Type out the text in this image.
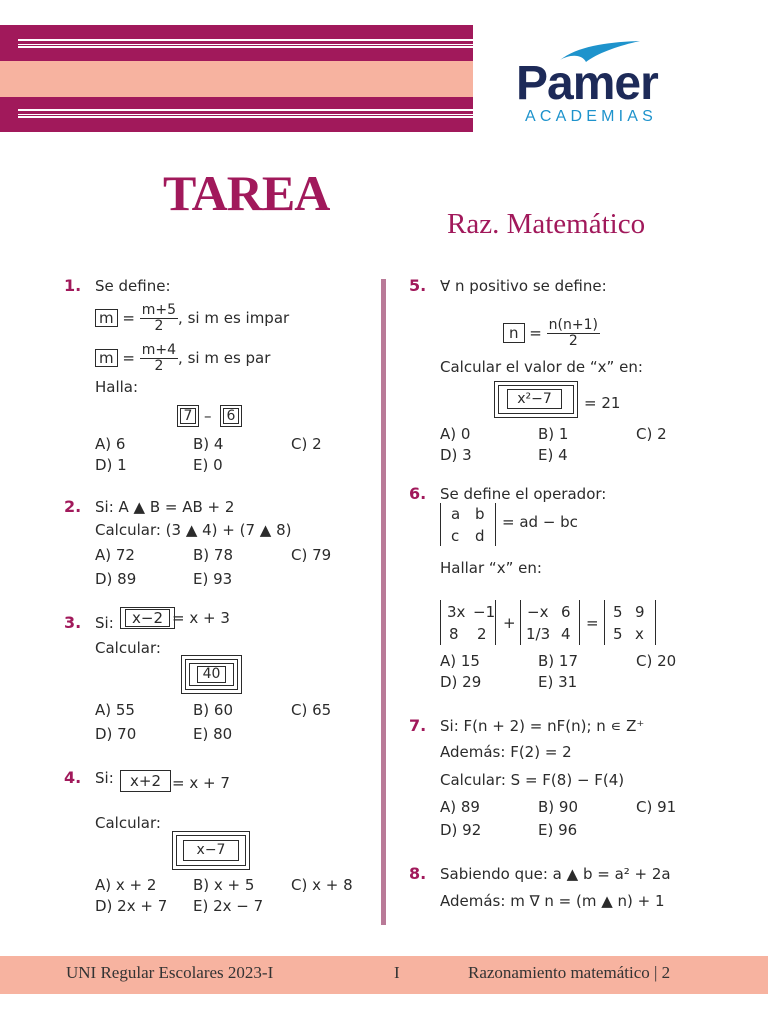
Pamer
ACADEMIAS
TAREA
Raz. Matemático
1. Se define:
$m = \frac{m+5}{2}$ , si m es impar
$m = \frac{m+4}{2}$ , si m es par
Halla:
7 – 6
A) 6	B) 4	C) 2
D) 1	E) 0
2. Si: A ▲ B = AB + 2
Calcular: (3 ▲ 4) + (7 ▲ 8)
A) 72	B) 78	C) 79
D) 89	E) 93
3. Si:	x−2 = x + 3
Calcular:
40
A) 55	B) 60	C) 65
D) 70	E) 80
4. Si:	x+2 = x + 7
Calcular:
x−7
A) x + 2 B) x + 5 C) x + 8
D) 2x + 7 E) 2x − 7
5. ∀ n positivo se define:
$n = \frac{n(n+1)}{2}$
Calcular el valor de “x” en:
x²−7	= 21
A) 0	B) 1	C) 2
D) 3	E) 4
6. Se define el operador:
a b
c d
= ad − bc
Hallar “x” en:
3x −1
8 2
+
−x 6
1/3 4
=
5 9
5 x
A) 15	B) 17	C) 20
D) 29	E) 31
7. Si: F(n + 2) = nF(n); n ∊ Z⁺
Además: F(2) = 2
Calcular: S = F(8) − F(4)
A) 89	B) 90	C) 91
D) 92	E) 96
8. Sabiendo que: a ▲ b = a² + 2a
Además: m ∇ n = (m ▲ n) + 1
UNI Regular Escolares 2023-I	I	Razonamiento matemático | 2
